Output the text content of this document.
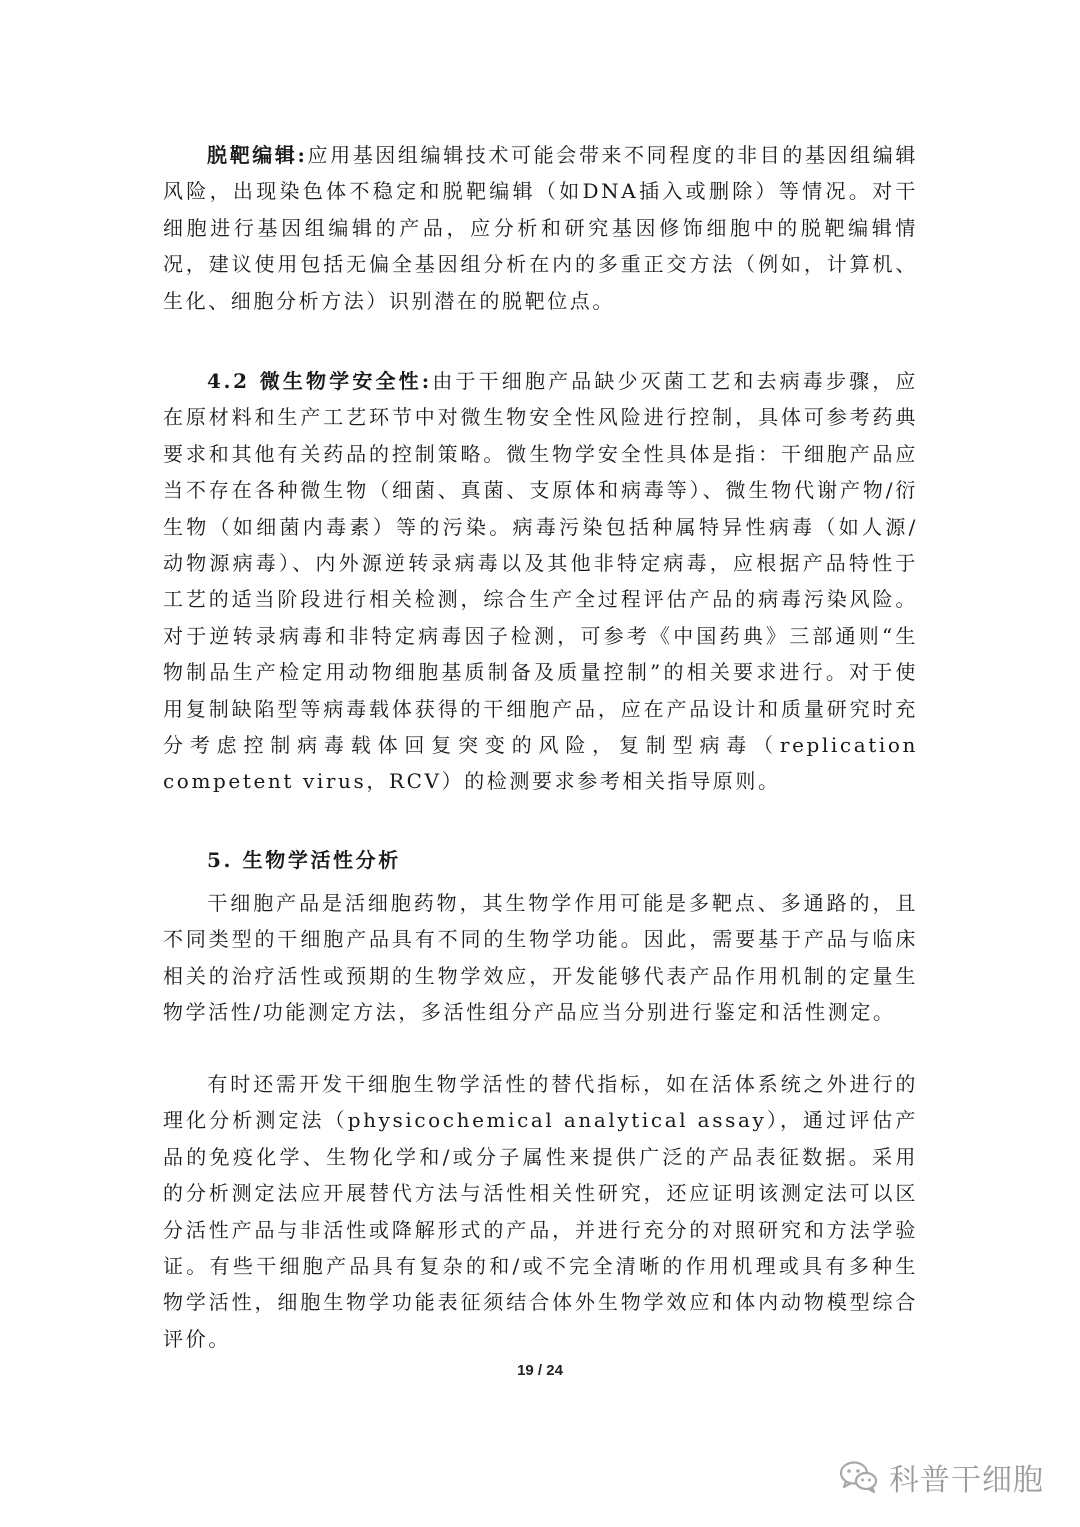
脱靶编辑:应用基因组编辑技术可能会带来不同程度的非目的基因组编辑风险，出现染色体不稳定和脱靶编辑（如DNA插入或删除）等情况。对干细胞进行基因组编辑的产品，应分析和研究基因修饰细胞中的脱靶编辑情况，建议使用包括无偏全基因组分析在内的多重正交方法（例如，计算机、生化、细胞分析方法）识别潜在的脱靶位点。

4.2 微生物学安全性:由于干细胞产品缺少灭菌工艺和去病毒步骤，应在原材料和生产工艺环节中对微生物安全性风险进行控制，具体可参考药典要求和其他有关药品的控制策略。微生物学安全性具体是指：干细胞产品应当不存在各种微生物（细菌、真菌、支原体和病毒等）、微生物代谢产物/衍生物（如细菌内毒素）等的污染。病毒污染包括种属特异性病毒（如人源/动物源病毒）、内外源逆转录病毒以及其他非特定病毒，应根据产品特性于工艺的适当阶段进行相关检测，综合生产全过程评估产品的病毒污染风险。对于逆转录病毒和非特定病毒因子检测，可参考《中国药典》三部通则“生物制品生产检定用动物细胞基质制备及质量控制”的相关要求进行。对于使用复制缺陷型等病毒载体获得的干细胞产品，应在产品设计和质量研究时充分考虑控制病毒载体回复突变的风险，复制型病毒（replication competent virus，RCV）的检测要求参考相关指导原则。

5. 生物学活性分析

干细胞产品是活细胞药物，其生物学作用可能是多靶点、多通路的，且不同类型的干细胞产品具有不同的生物学功能。因此，需要基于产品与临床相关的治疗活性或预期的生物学效应，开发能够代表产品作用机制的定量生物学活性/功能测定方法，多活性组分产品应当分别进行鉴定和活性测定。

有时还需开发干细胞生物学活性的替代指标，如在活体系统之外进行的理化分析测定法（physicochemical analytical assay），通过评估产品的免疫化学、生物化学和/或分子属性来提供广泛的产品表征数据。采用的分析测定法应开展替代方法与活性相关性研究，还应证明该测定法可以区分活性产品与非活性或降解形式的产品，并进行充分的对照研究和方法学验证。有些干细胞产品具有复杂的和/或不完全清晰的作用机理或具有多种生物学活性，细胞生物学功能表征须结合体外生物学效应和体内动物模型综合评价。

19 / 24
科普干细胞
